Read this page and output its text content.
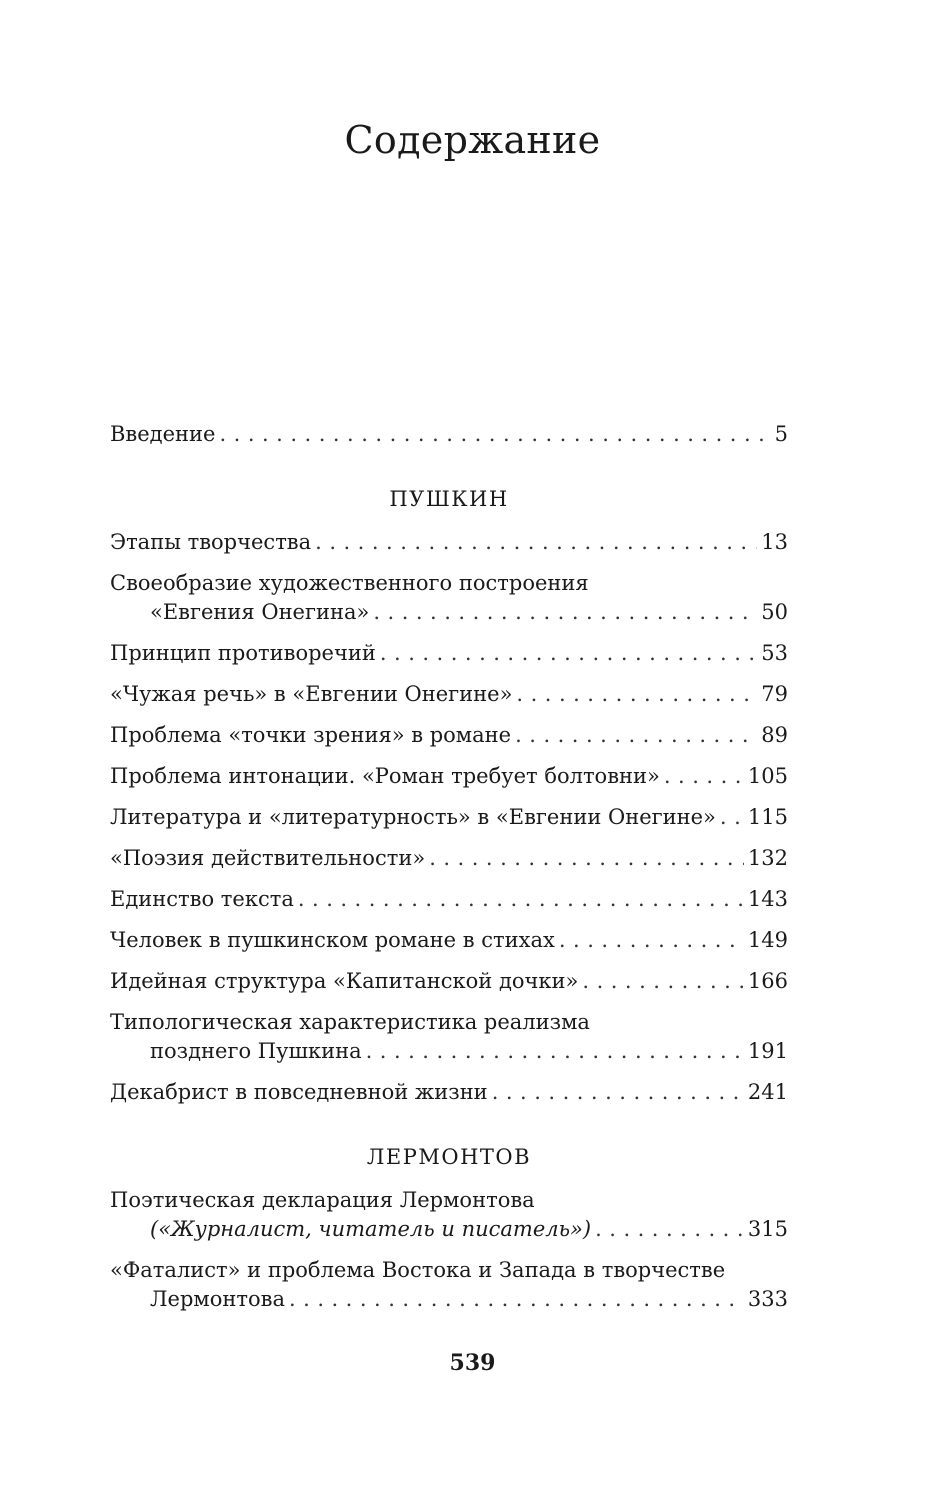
Содержание
Введение .....	5
ПУШКИН
Этапы творчества .....	13
Своеобразие художественного построения
«Евгения Онегина» .....	50
Принцип противоречий .....	53
«Чужая речь» в «Евгении Онегине» .....	79
Проблема «точки зрения» в романе .....	89
Проблема интонации. «Роман требует болтовни» .....	105
Литература и «литературность» в «Евгении Онегине» ..... 115
«Поэзия действительности» .....	132
Единство текста .....	143
Человек в пушкинском романе в стихах .....	149
Идейная структура «Капитанской дочки» .....	166
Типологическая характеристика реализма
позднего Пушкина .....	191
Декабрист в повседневной жизни .....	241
ЛЕРМОНТОВ
Поэтическая декларация Лермонтова
(«Журналист, читатель и писатель») .....	315
«Фаталист» и проблема Востока и Запада в творчестве
Лермонтова .....	333
539
